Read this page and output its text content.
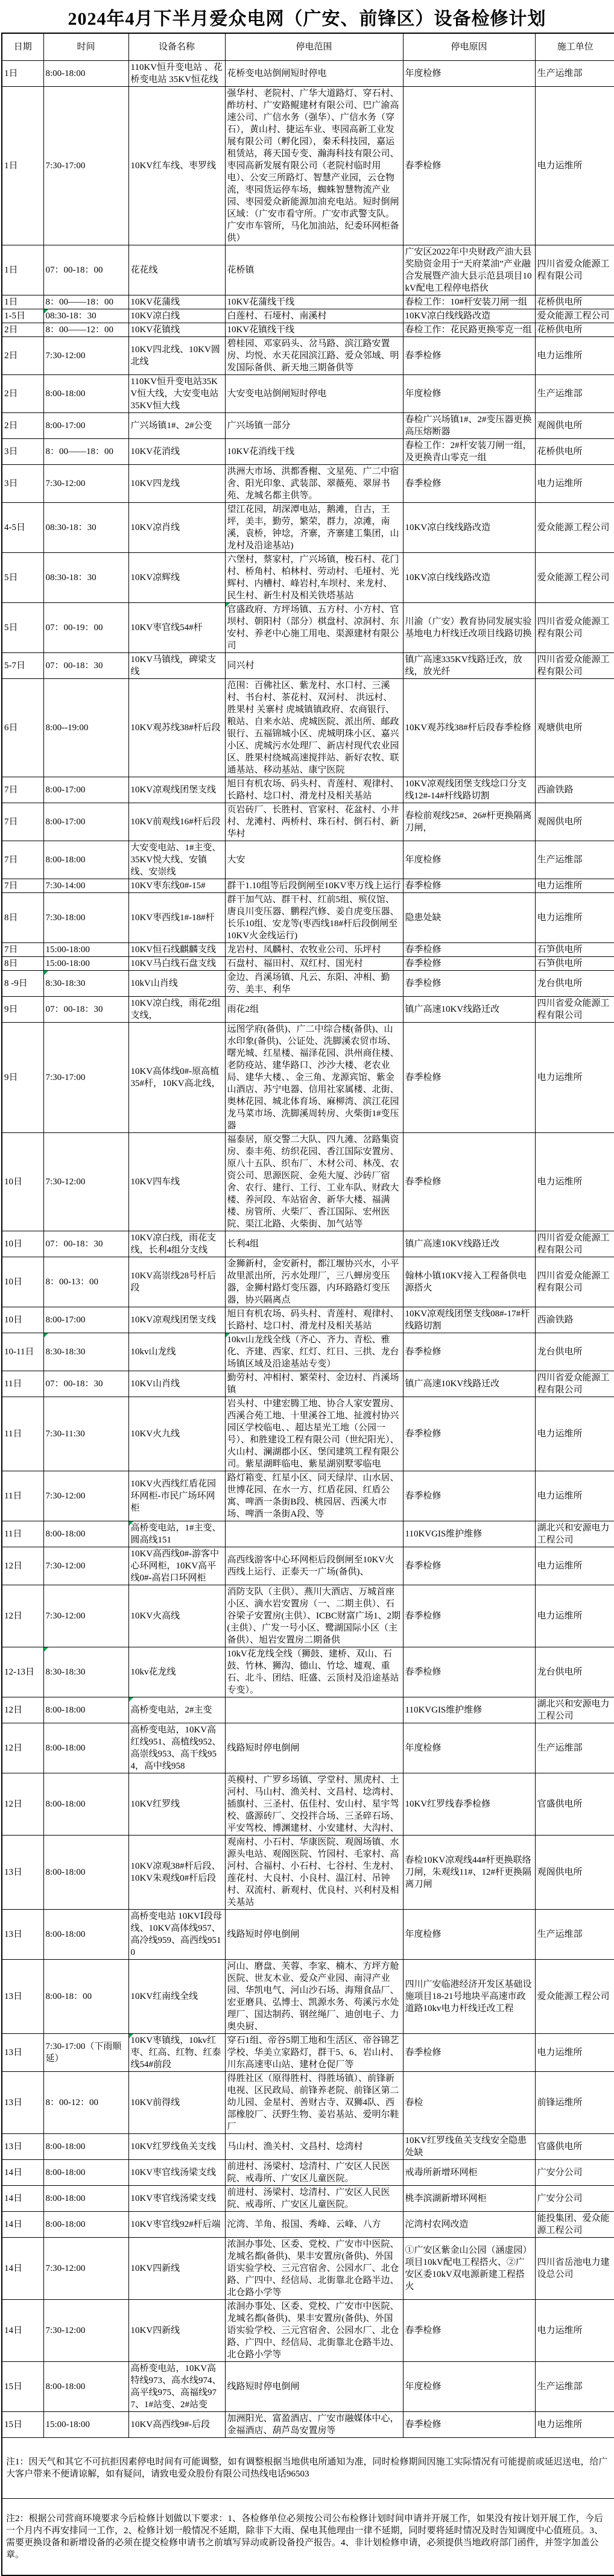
2024年4月下半月爱众电网（广安、前锋区）设备检修计划
日期	时间	设备名称	停电范围	停电原因	施工单位
1日	8:00-18:00	110KV恒升变电站 、花桥变电站 35KV恒花线	花桥变电站倒闸短时停电	年度检修	生产运维部
1日	7:30-17:00	10KV红车线、枣罗线	强华村、老院村、广华大道路灯、穿石村、酢坊村、广安路鲲建材有限公司、巴广渝高速公司、广信水务（强华）、广信水务（穿石），黄山村、捷运车业、枣园高新工业发展有限公司（孵化园），秦禾科技园，嘉运租赁站，蒋天国专变、瀚海科技有限公司、枣园高新发展有限公司（老院村临时用电）、公安三所路灯、智慧产业园，云仓物流，枣园货运停车场，蜘蛛智慧物流产业园、枣园爱众新能源加油充电站。短时倒闸区域：（广安市看守所。广安市武警支队。广安市车管所，马化加油站，纪委环网柜备供）	春季检修	电力运维所
1日	07：00-18：00	花花线	花桥镇	广安区2022年中央财政产油大县奖励资金用于“天府菜油”产业融合发展暨产油大县示范县项目10kV配电工程停电搭伙	四川省爱众能源工程有限公司
1日	8：00——18：00	10KV花蒲线	10KV花蒲线干线	春检工作：10#杆安装刀闸一组	花桥供电所
1-5日	08:30-18：30	10KV凉白线	白莲村、石垭村、南溪村	10KV凉白线线路改造	爱众能源工程公司
2日	8：00——12：00	10KV花镇线	10KV花镇线干线	春检工作：花民路更换零克一组	花桥供电所
2日	7:30-12:00	10KV四北线、10KV圆北线	碧桂园、邓家码头、岔马路、滨江路安置房、均悦、水天花园滨江路、爱众邻域、明发国际备供、新天地三期备供等	春季检修	电力运维所
2日	8:00-18:00	110KV恒升变电站35KV恒大线，大安变电站35KV恒大线	大安变电站倒闸短时停电	年度检修	生产运维部
2日	8:00-17:00	广兴场镇1#、2#公变	广兴场镇一部分	春检广兴场镇1#、2#变压器更换高压熔断器	观阁供电所
3日	8：00——18：00	10KV花消线	10KV花消线干线	春检工作：2#杆安装刀闸一组，及更换青山零克一组	花桥供电所
3日	7:30-12:00	10KV四龙线	洪洲大市场、洪都香榭、文星苑、广二中宿舍、阳光印象、武装部、翠薇苑、翠屏书苑、龙城名都主供等。	春季检修	电力运维所
4-5日	08:30-18：30	10KV凉肖线	望江花园，胡深潭电站，鹅滩，自古，王坪，美丰，勤劳，繁荣，群力，凉滩，南溪，袁桥，钟埝，齐寨，齐寨建工集团，山龙村及沿途基站)	10KV凉白线线路改造	爱众能源工程公司
5日	08:30-18：30	10KV凉辉线	六堡村，蔡家村，广兴场镇，梭石村、花门村、桥角村、柏林村、劳动村、毛垭村、光辉村、内槽村、峰岩村,车坝村、来龙村、民生村、新生村及相关铁塔基站	10KV凉白线线路改造	爱众能源工程公司
5日	07：00-19：00	10KV枣官线54#杆	官盛政府、方坪场镇、五方村、小方村、官坝村、朝阳村（部分）棋盘村、凉洞村、东安村、养老中心施工用电、渠源建材有限公司	川渝（广安）教育协同发展实验基地电力杆线迁改项目线路切换	四川省爱众能源工程有限公司
5-7日	07：00-18：30	10KV马镇线，碑梁支线	同兴村	镇广高速335KV线路迁改，放线，放光纤	四川省爱众能源工程有限公司
6日	8:00--19:00	10KV观苏线38#杆后段	范围：百佛社区、紫龙村、水口村、三溪村、书台村、茶花村、双河村、 洪远村、胜果村 关寨村 虎城镇镇政府、农商银行、粮站、自来水站、虎城医院、派出所、邮政银行、五福锦城小区、虎城明珠小区、嘉兴小区、虎城污水处理厂、新店村现代农业园区、胜果村绕城高速搅拌站、新好农牧、联通基站、移动基站、康宁医院	10KV观苏线38#杆后段春季检修	观塘供电所
7日	8:00-17:00	10KV凉观线团堡支线	旭日有机农场、码头村、青莲村、观律村、长路村、埝口村、滑龙村及相关基站	10KV凉观线团堡支线埝口分支线12#-14#杆线路切割	西渝铁路
7日	8:00-17:00	10KV前观线16#杆后段	页岩砖厂、长胜村、官家村、花盆村、小井村、龙滩村、两桥村、珠石村、倒石村、新华村	春检前观线25#、26#杆更换隔离刀闸，	观阁供电所
7日	8:00-18:00	大安变电站、1#主变、35KV悦大线、安镇线、安崇线	大安	年度检修	生产运维部
7日	7:30-14:00	10KV枣东线0#-15#	群干1.10组等后段倒闸至10KV枣万线上运行	春季检修	电力运维所
8日	7:30-18:00	10KV枣西线1#-18#杆	群干加气站、群干村、红前5组、殡仪馆、唐良川变压器、鹏程汽修、姜自虎变压器、长乐10组、安龙等(枣西线18#杆后段倒闸至10KV火金线运行)	隐患处缺	电力运维所
7日	15:00-18:00	10KV恒石线麒麟支线	龙岩村、凤麟村、农牧业公司、乐坪村	春季检修	石笋供电所
8日	15:00-18:00	10KV马白线石盘支线	石盘村、福田村、双红村、国光村	春季检修	石笋供电所
8 -9日	8:30-18:30	10kV山肖线	金边、肖溪场镇、凡云、东阳、冲相、勤劳、美丰、利华	春季检修	龙台供电所
9日	07：00-18：30	10KV凉白线，雨花2组支线，	雨花2组	镇广高速10KV线路迁改	四川省爱众能源工程有限公司
9日	7:30-17:00	10KV高体线0#-原高植35#杆，10KV高北线，	远图学府(备供)、广二中综合楼(备供)、山水印象(备供)、公证处、洗脚溪农贸市场、曙光城、红星楼、福泽花园、洪州商住楼、老防疫站、建华路口、沙沙大楼、老农业局、建华大楼、、金三角、龙源宾馆、紫金山酒店、苏宁电器、信用社家属楼、北街、奥林花园、城北体育场、麻柳湾、滨江花园龙马菜市场、洗脚溪周转房、火柴街1#变压器	春季检修	电力运维所
10日	7:30-12:00	10KV四车线	福泰居，原交警二大队、四九滩、岔路集资房、泰丰苑、纺织花园、香江国际安置房、原八十五队、织布厂、木材公司、林茂、农资公司、思源医院、金苑大厦、沙砖厂宿舍、农行、建行、工行、工业车队、财政大楼、养河段、车站宿舍、新华大楼、福满楼、房管所、火柴厂、香江国际、宏州医院、渠江北路、火柴街、加气站等	春季检修	电力运维所
10日	07：00-18：30	10KV凉白线，雨花支线，长利4组分支线	长利4组	镇广高速10KV线路迁改	四川省爱众能源工程有限公司
10日	8：00-13：00	10KV高崇线28号杆后段	金狮新村，金安新村，都江堰协兴水，小平故里派出所，污水处理厂，三八蝉房变压器，金狮村路灯变压器，内环路路灯变压器，协兴隔离点	翰林小镇10KV接入工程备供电源搭火	四川省爱众能源工程有限公司
10日	8:00-17:00	10KV凉观线团堡支线	旭日有机农场、码头村、青莲村、观律村、长路村、埝口村、滑龙村及相关基站	10KV凉观线团堡支线08#-17#杆线路切割	西渝铁路
10-11日	8:30-18:30	10kv山龙线	10kv山龙线全线（齐心、齐力、青松、雅化、齐建、西家、红灯、红日、三拱、龙台场镇区域及沿途基站专变）	春季检修	龙台供电所
11日	07：00-18：30	10KV山肖线	勤劳村、冲相村、繁荣村、金边村、肖溪场镇	镇广高速10KV线路迁改	四川省爱众能源工程有限公司
11日	7:30-11:30	10KV火九线	岩头村、中建宏腾工地、协合人家安置房、西溪合苑工地、十里溪谷工地、扯渡村协兴园区学校临电、、超达星光工地（公园一号）、和胜建设工程有限公司（世纪阳光）、火山村、澜湖郡小区、堡闰建筑工程有限公司。紫星湖畔临电、紫星湖别墅零临电	春季检修	电力运维所
11日	7:30-12:00	10KV火西线红盾花园环网柜-市民广场环网柜	路灯箱变、红星小区、同天绿岸、山水居、世博花园、在水一方、红盾花园、红盾公寓、啤酒一条街B段、桃园居、西溪大市场、啤酒一条街A段、等	春季检修	电力运维所
11日	8:00-18:00	高桥变电站，1#主变、圆高线151		110KVGIS维护维修	湖北兴和安源电力工程公司
12日	7:30-12:00	10KV高西线0#-游客中心环网柜，10KV高平线0#-高岩口环网柜	高西线游客中心环网柜后段倒闸至10KV火西线上运行、正泰天一广场(备供)、	春季检修	电力运维所
12日	7:30-12:00	10KV火高线	消防支队（主供）、燕川大酒店、万城首座小区、滴水岩安置房（一、二期主供）、石谷梁子安置房(主供）、ICBC财富广场1、2期(主供）、广发一号小区、鹭湖国际小区（主备供）、旭岩安置房二期备供	春季检修	电力运维所
12-13日	8:30-18:30	10kv花龙线	10kV花龙线全线（狮鼓、建桥、双山、石鼓、竹林、狮沟、德山、竹埝、墟观、重石、北斗、团结、旺盛、云顶村及沿途基站专变）。	春季检修	龙台供电所
12日	8:00-18:00	高桥变电站，2#主变		110KVGIS维护维修	湖北兴和安源电力工程公司
12日	8:00-18:00	高桥变电站，10KV高红线951、高植线952、高崇线953、高干线954，高中线958	线路短时停电倒闸	年度检修	生产运维部
12日	8:00-18:00	10KV红罗线	英模村、广罗乡场镇、学堂村、黑虎村、土河村、马山村、渔关村、文昌村、埝湾村、插旗村、三圣村、伍佳村、安山村、星宇驾校、盛源砖厂、交投拌合场、三圣碎石场、平安驾校、博渊建材、小安建材、大沟村、	10KV红罗线春季检修	官盛供电所
13日	8:00-18:00	10KV凉观38#杆后段、10KV朱观线0#杆后段	观南村、小石村、华康医院、观阁场镇、水源头电站、观阁医院、竹园村、毛家村、高河村、合福村、小石村、七谷村、生龙村、莲花村、大良村、小良村、温江村、吊钟村、双流村、新观村、优良村、兴利村及相关基站	春检10KV凉观线44#杆更换联络刀闸，朱观线11#、12#杆更换隔离刀闸	观阁供电所
13日	8:00-18:00	高桥变电站 10KVⅠ段母线、10KV高体线957、高冷线959、高西线9510	线路短时停电倒闸	年度检修	生产运维部
13日	8:00-18：00	10KV红南线全线	河山、磨盘、芙蓉、李家、楠木、方坪方舱医院、世友木业、爱众产业园、南浔产业园、华凯电气、河山沙石场、海翔食品厂、宏亚磨具、弘博士、凯源水务、苟溪污水处理厂、国达制药、钢丝绳厂、迪创电子、力奥央厨、	四川广安临港经济开发区基础设施项目18-21号地块平高速市政道路10kv电力杆线迁改工程	爱众能源工程公司
13日	7:30-17:00（下雨顺延）	10KV枣镇线，10kv红枣、红高、红物、红泰线54#前段	穿石1组、帝谷5期工地和生活区、帝谷锦艺学校、华美立家路灯，群干5、6、岩山村、川东高速枣山站、建材仓促厂等	春季检修	电力运维所
13日	8：00-12：00	10KV前得线	得胜社区（原得胜村、得胜场镇）、前锋新电视、区民政局、前锋养老院、前锋区第二幼儿园、金星村、善财古寺、双狮4队、西部橡胶厂、沃野生物、姜岩基站、爱明尔鞋厂	春检	前锋运维所
13日	8:00-18:00	10KV红罗线鱼关支线	马山村、渔关村、文昌村、埝湾村	10KV红罗线鱼关支线安全隐患处缺	官盛供电所
14日	8:00-18:00	10KV枣官线汤梁支线	前进村、汤梁村、埝清村、广安区人民医院、戒毒所、广安区儿童医院。	戒毒所新增环网柜	广安分公司
14日	8:00-18:00	10KV枣官线汤梁支线	前进村、汤梁村、埝清村、广安区人民医院、戒毒所、广安区儿童医院。	桃李滨湖新增环网柜	广安分公司
14日	8:00-18:00	10KV枣官线92#杆后端	沱湾、羊角、报国、秀峰、云峰、八方	沱湾村农网改造	能投集团、爱众能源工程公司
14日	7:30-12:00	10KV四新线	浓洄办事处、区委、党校、广安市中医院、龙城名都(备供)、果丰安置房(备供)、外国语实验学校、三元宫宿舍、公园水厂、北仓路、广四中、经信局、北街靠北仓路半边、北仓路小学等	①广安区紫金山公园（涵虚园）项目10kV配电工程搭火、②广安区委10kV双电源新建工程搭火	四川省岳池电力建设总公司
14日	7:30-12:00	10KV四新线	浓洄办事处、区委、党校、广安市中医院、龙城名都(备供)、果丰安置房(备供)、外国语实验学校、三元宫宿舍、公园水厂、北仓路、广四中、经信局、北街靠北仓路半边、北仓路小学等	春季检修	电力运维所
15日	8:00-18:00	高桥变电站，10KV高特线973、高水线974、高平线975、高福线977、1#站变、2#站变	线路短时停电倒闸	年度检修	生产运维部
15日	15:00-18:00	10KV高西线9#-后段	加洲阳光、富盈酒店、广安市融媒体中心，金福酒店、葫芦岛安置房等	春季检修	电力运维所
注1：因天气和其它不可抗拒因素停电时间有可能调整，如有调整根据当地供电所通知为准，同时检修期间因施工实际情况有可能提前或延迟送电，给广大客户带来不便请谅解，如有疑问，请致电爱众股份有限公司热线电话96503					
注2：根据公司营商环境要求今后检修计划做以下要求：1、各检修单位必须按公司公布检修计划时间申请并开展工作，如果没有按计划开展工作，今后一个月内不再安排同一工作，2、检修计划一般情况不延期，除非下大雨、保电其他理由一律不延期，同时要将延时情况及时告知调度中心值班员。3、需要更换设备和新增设备的必须在提交检修申请书之前填写异动或新设备投产报告。4、非计划检修申请，必须提供当地政府部门函件，并签字加盖公章。					
